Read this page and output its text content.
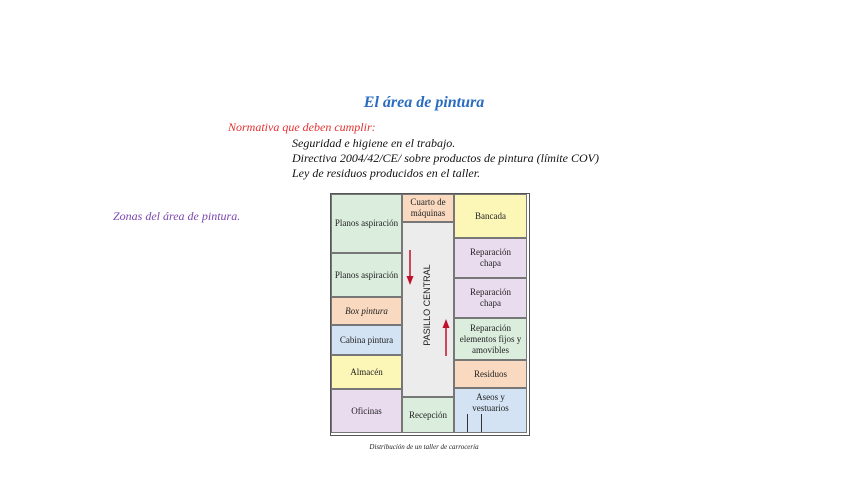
El área de pintura
Normativa que deben cumplir:
Seguridad e higiene en el trabajo.
Directiva 2004/42/CE/ sobre productos de pintura (límite COV)
Ley de residuos producidos en el taller.
Zonas del área de pintura.	Planos aspiración
Planos aspiración
Box pintura
Cabina pintura
Almacén
Oficinas
Cuarto de máquinas
PASILLO CENTRAL
Recepción
Bancada
Reparación chapa
Reparación chapa
Reparación elementos fijos y amovibles
Residuos
Aseos y vestuarios
Distribución de un taller de carrocería
